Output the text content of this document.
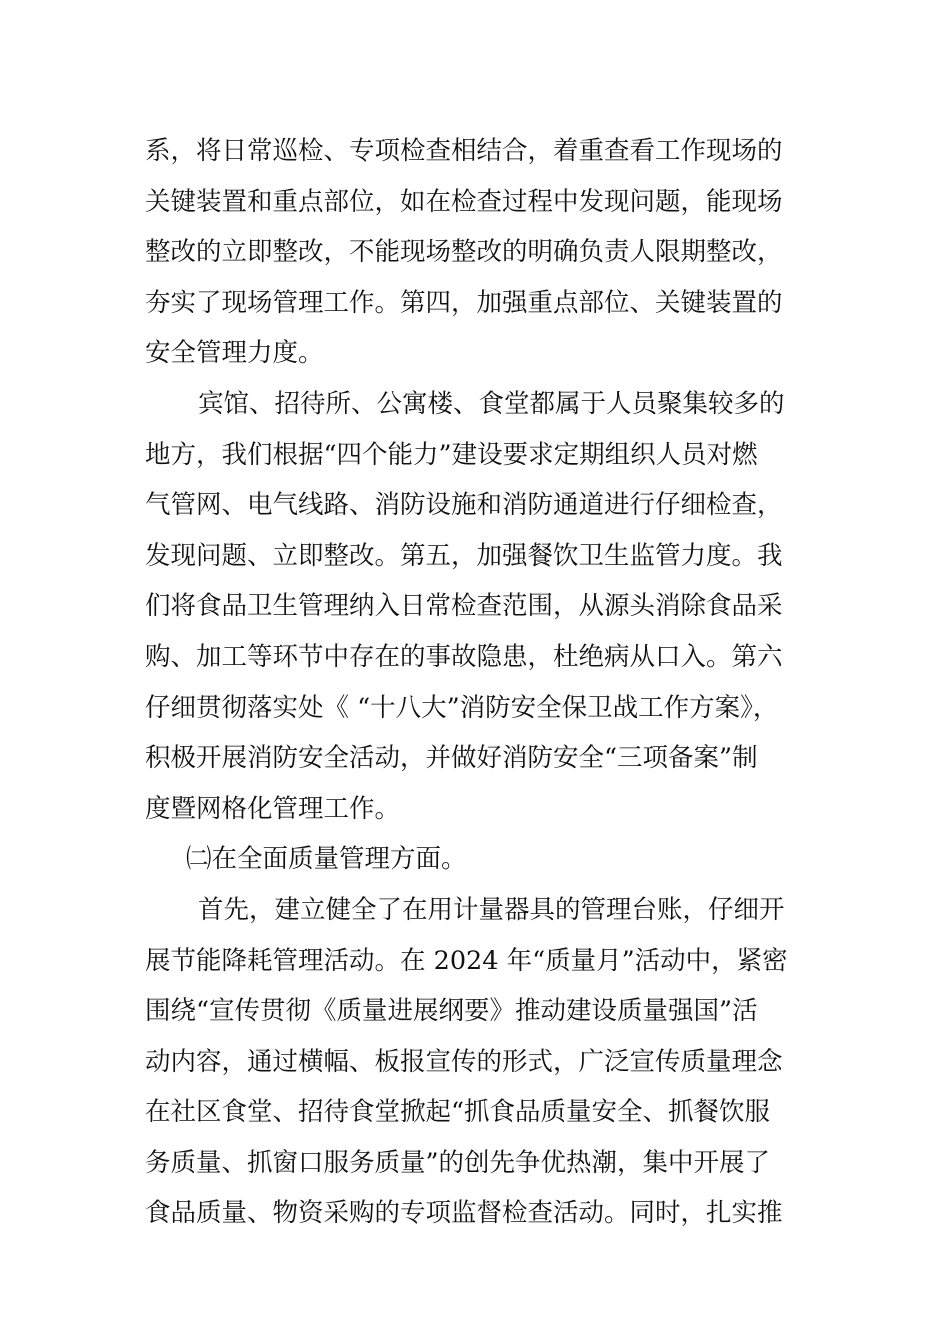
系，将日常巡检、专项检查相结合，着重查看工作现场的
关键装置和重点部位，如在检查过程中发现问题，能现场
整改的立即整改，不能现场整改的明确负责人限期整改，
夯实了现场管理工作。第四，加强重点部位、关键装置的
安全管理力度。
宾馆、招待所、公寓楼、食堂都属于人员聚集较多的
地方，我们根据“四个能力”建设要求定期组织人员对燃
气管网、电气线路、消防设施和消防通道进行仔细检查，
发现问题、立即整改。第五，加强餐饮卫生监管力度。我
们将食品卫生管理纳入日常检查范围，从源头消除食品采
购、加工等环节中存在的事故隐患，杜绝病从口入。第六
仔细贯彻落实处《 “十八大”消防安全保卫战工作方案》，
积极开展消防安全活动，并做好消防安全“三项备案”制
度暨网格化管理工作。
㈡在全面质量管理方面。
首先，建立健全了在用计量器具的管理台账，仔细开
展节能降耗管理活动。在 2024 年“质量月”活动中，紧密
围绕“宣传贯彻《质量进展纲要》推动建设质量强国”活
动内容，通过横幅、板报宣传的形式，广泛宣传质量理念
在社区食堂、招待食堂掀起“抓食品质量安全、抓餐饮服
务质量、抓窗口服务质量”的创先争优热潮，集中开展了
食品质量、物资采购的专项监督检查活动。同时，扎实推
